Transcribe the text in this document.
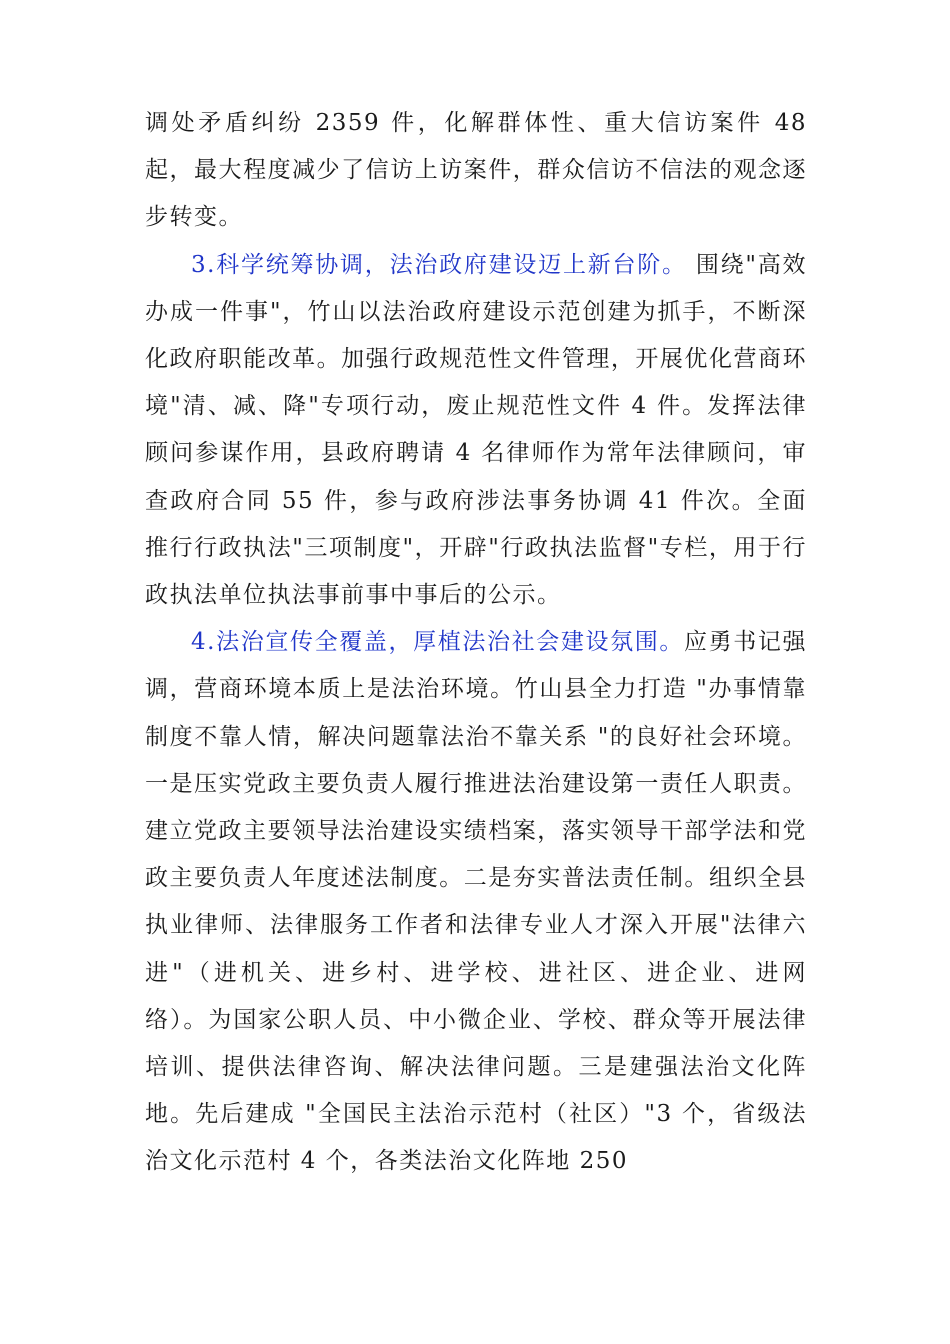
调处矛盾纠纷 2359 件，化解群体性、重大信访案件 48 起，最大程度减少了信访上访案件，群众信访不信法的观念逐步转变。

3.科学统筹协调，法治政府建设迈上新台阶。 围绕"高效办成一件事"，竹山以法治政府建设示范创建为抓手，不断深化政府职能改革。加强行政规范性文件管理，开展优化营商环境"清、减、降"专项行动，废止规范性文件 4 件。发挥法律顾问参谋作用，县政府聘请 4 名律师作为常年法律顾问，审查政府合同 55 件，参与政府涉法事务协调 41 件次。全面推行行政执法"三项制度"，开辟"行政执法监督"专栏，用于行政执法单位执法事前事中事后的公示。

4.法治宣传全覆盖，厚植法治社会建设氛围。应勇书记强调，营商环境本质上是法治环境。竹山县全力打造 "办事情靠制度不靠人情，解决问题靠法治不靠关系 "的良好社会环境。一是压实党政主要负责人履行推进法治建设第一责任人职责。建立党政主要领导法治建设实绩档案，落实领导干部学法和党政主要负责人年度述法制度。二是夯实普法责任制。组织全县执业律师、法律服务工作者和法律专业人才深入开展"法律六进"（进机关、进乡村、进学校、进社区、进企业、进网络）。为国家公职人员、中小微企业、学校、群众等开展法律培训、提供法律咨询、解决法律问题。三是建强法治文化阵地。先后建成 "全国民主法治示范村（社区）"3 个，省级法治文化示范村 4 个，各类法治文化阵地 250
